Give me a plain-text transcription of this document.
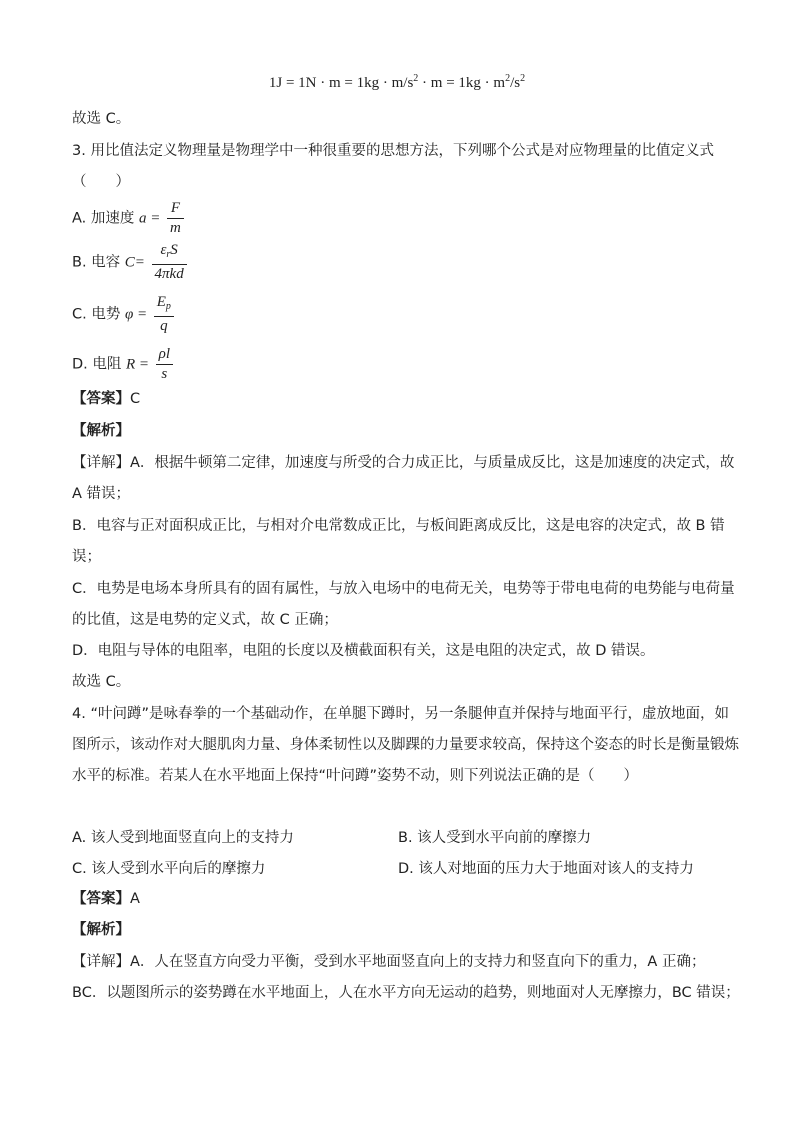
$1J = 1N \cdot m = 1kg \cdot m/s^2 \cdot m = 1kg \cdot m^2/s^2$
故选 C。
3. 用比值法定义物理量是物理学中一种很重要的思想方法，下列哪个公式是对应物理量的比值定义式
（　　）
A. 加速度 $a = \frac{F}{m}$
B. 电容 $C= \frac{\varepsilon_rS}{\text{4πkd}}$
C. 电势 $\varphi = \frac{E_p}{q}$
D. 电阻 $R = \frac{\rho l}{s}$
【答案】C
【解析】
【详解】A．根据牛顿第二定律，加速度与所受的合力成正比，与质量成反比，这是加速度的决定式，故
A 错误；
B．电容与正对面积成正比，与相对介电常数成正比，与板间距离成反比，这是电容的决定式，故 B 错
误；
C．电势是电场本身所具有的固有属性，与放入电场中的电荷无关，电势等于带电电荷的电势能与电荷量
的比值，这是电势的定义式，故 C 正确；
D．电阻与导体的电阻率，电阻的长度以及横截面积有关，这是电阻的决定式，故 D 错误。
故选 C。
4. “叶问蹲”是咏春拳的一个基础动作，在单腿下蹲时，另一条腿伸直并保持与地面平行，虚放地面，如
图所示，该动作对大腿肌肉力量、身体柔韧性以及脚踝的力量要求较高，保持这个姿态的时长是衡量锻炼
水平的标准。若某人在水平地面上保持“叶问蹲”姿势不动，则下列说法正确的是（　　）
A. 该人受到地面竖直向上的支持力	B. 该人受到水平向前的摩擦力
C. 该人受到水平向后的摩擦力	D. 该人对地面的压力大于地面对该人的支持力
【答案】A
【解析】
【详解】A．人在竖直方向受力平衡，受到水平地面竖直向上的支持力和竖直向下的重力，A 正确；
BC．以题图所示的姿势蹲在水平地面上，人在水平方向无运动的趋势，则地面对人无摩擦力，BC 错误；
